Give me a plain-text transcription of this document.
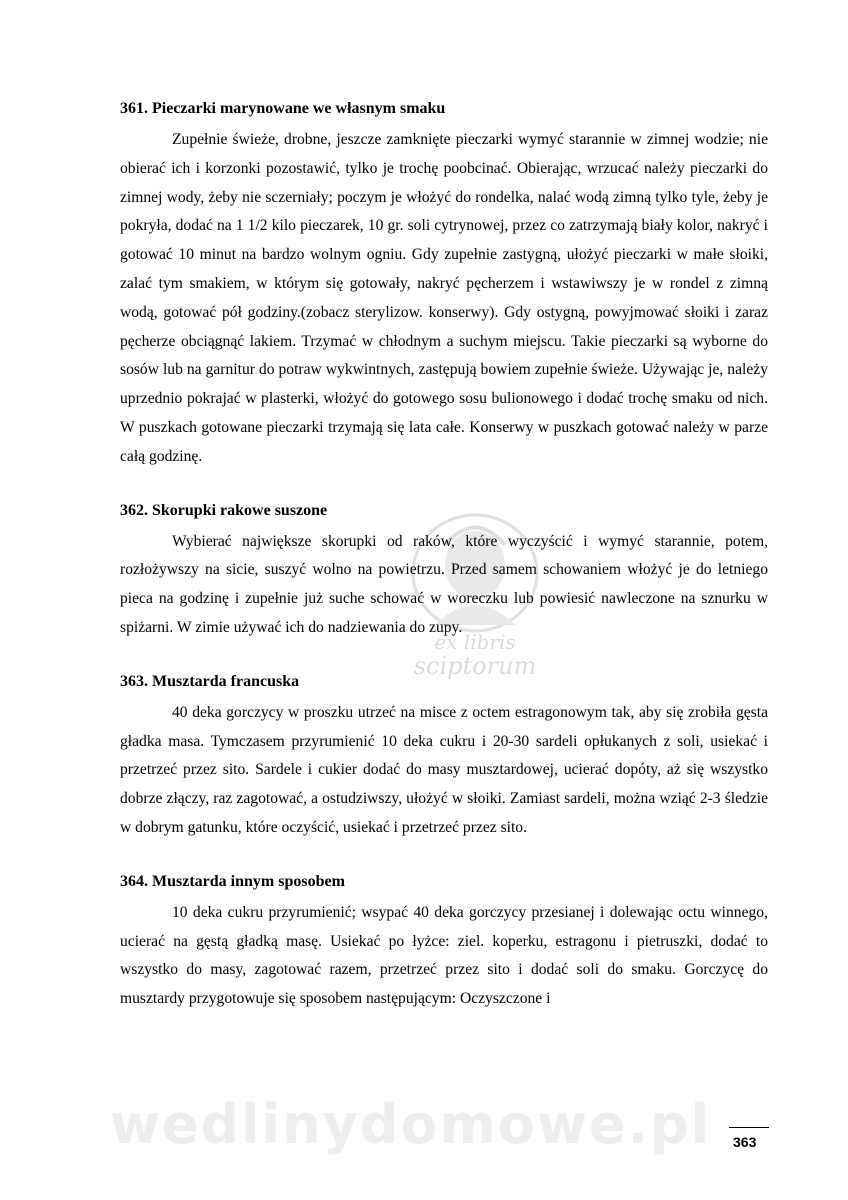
ex libris
sciptorum
wedlinydomowe.pl
361. Pieczarki marynowane we własnym smaku

Zupełnie świeże, drobne, jeszcze zamknięte pieczarki wymyć starannie w zimnej wodzie; nie obierać ich i korzonki pozostawić, tylko je trochę poobcinać. Obierając, wrzucać należy pieczarki do zimnej wody, żeby nie sczerniały; poczym je włożyć do rondelka, nalać wodą zimną tylko tyle, żeby je pokryła, dodać na 1 1/2 kilo pieczarek, 10 gr. soli cytrynowej, przez co zatrzymają biały kolor, nakryć i gotować 10 minut na bardzo wolnym ogniu. Gdy zupełnie zastygną, ułożyć pieczarki w małe słoiki, zalać tym smakiem, w którym się gotowały, nakryć pęcherzem i wstawiwszy je w rondel z zimną wodą, gotować pół godziny.(zobacz sterylizow. konserwy). Gdy ostygną, powyjmować słoiki i zaraz pęcherze obciągnąć lakiem. Trzymać w chłodnym a suchym miejscu. Takie pieczarki są wyborne do sosów lub na garnitur do potraw wykwintnych, zastępują bowiem zupełnie świeże. Używając je, należy uprzednio pokrajać w plasterki, włożyć do gotowego sosu bulionowego i dodać trochę smaku od nich. W puszkach gotowane pieczarki trzymają się lata całe. Konserwy w puszkach gotować należy w parze całą godzinę.

362. Skorupki rakowe suszone

Wybierać największe skorupki od raków, które wyczyścić i wymyć starannie, potem, rozłożywszy na sicie, suszyć wolno na powietrzu. Przed samem schowaniem włożyć je do letniego pieca na godzinę i zupełnie już suche schować w woreczku lub powiesić nawleczone na sznurku w spiżarni. W zimie używać ich do nadziewania do zupy.

363. Musztarda francuska

40 deka gorczycy w proszku utrzeć na misce z octem estragonowym tak, aby się zrobiła gęsta gładka masa. Tymczasem przyrumienić 10 deka cukru i 20-30 sardeli opłukanych z soli, usiekać i przetrzeć przez sito. Sardele i cukier dodać do masy musztardowej, ucierać dopóty, aż się wszystko dobrze złączy, raz zagotować, a ostudziwszy, ułożyć w słoiki. Zamiast sardeli, można wziąć 2-3 śledzie w dobrym gatunku, które oczyścić, usiekać i przetrzeć przez sito.

364. Musztarda innym sposobem

10 deka cukru przyrumienić; wsypać 40 deka gorczycy przesianej i dolewając octu winnego, ucierać na gęstą gładką masę. Usiekać po łyżce: ziel. koperku, estragonu i pietruszki, dodać to wszystko do masy, zagotować razem, przetrzeć przez sito i dodać soli do smaku. Gorczycę do musztardy przygotowuje się sposobem następującym: Oczyszczone i

363
